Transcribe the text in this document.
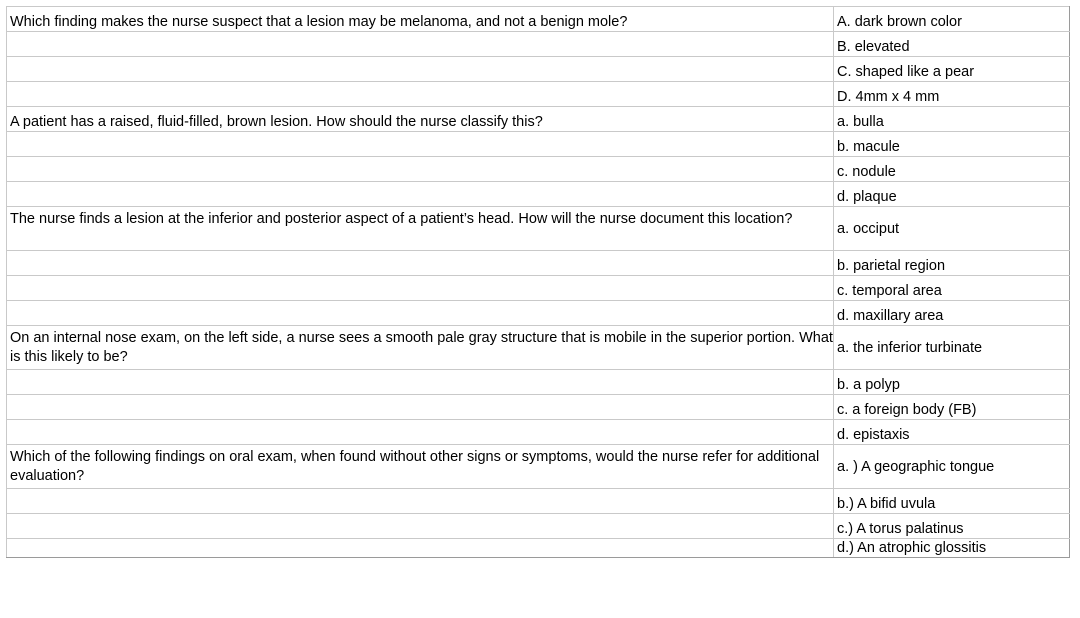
Which finding makes the nurse suspect that a lesion may be melanoma, and not a benign mole?	A. dark brown color
	B. elevated
	C. shaped like a pear
	D. 4mm x 4 mm
A patient has a raised, fluid-filled, brown lesion. How should the nurse classify this?	a. bulla
	b. macule
	c. nodule
	d. plaque
The nurse finds a lesion at the inferior and posterior aspect of a patient’s head. How will the nurse document this location?	a. occiput
	b. parietal region
	c. temporal area
	d. maxillary area
On an internal nose exam, on the left side, a nurse sees a smooth pale gray structure that is mobile in the superior portion. What is this likely to be?	a. the inferior turbinate
	b. a polyp
	c. a foreign body (FB)
	d. epistaxis
Which of the following findings on oral exam, when found without other signs or symptoms, would the nurse refer for additional evaluation?	a. ) A geographic tongue
	b.) A bifid uvula
	c.) A torus palatinus
	d.) An atrophic glossitis
